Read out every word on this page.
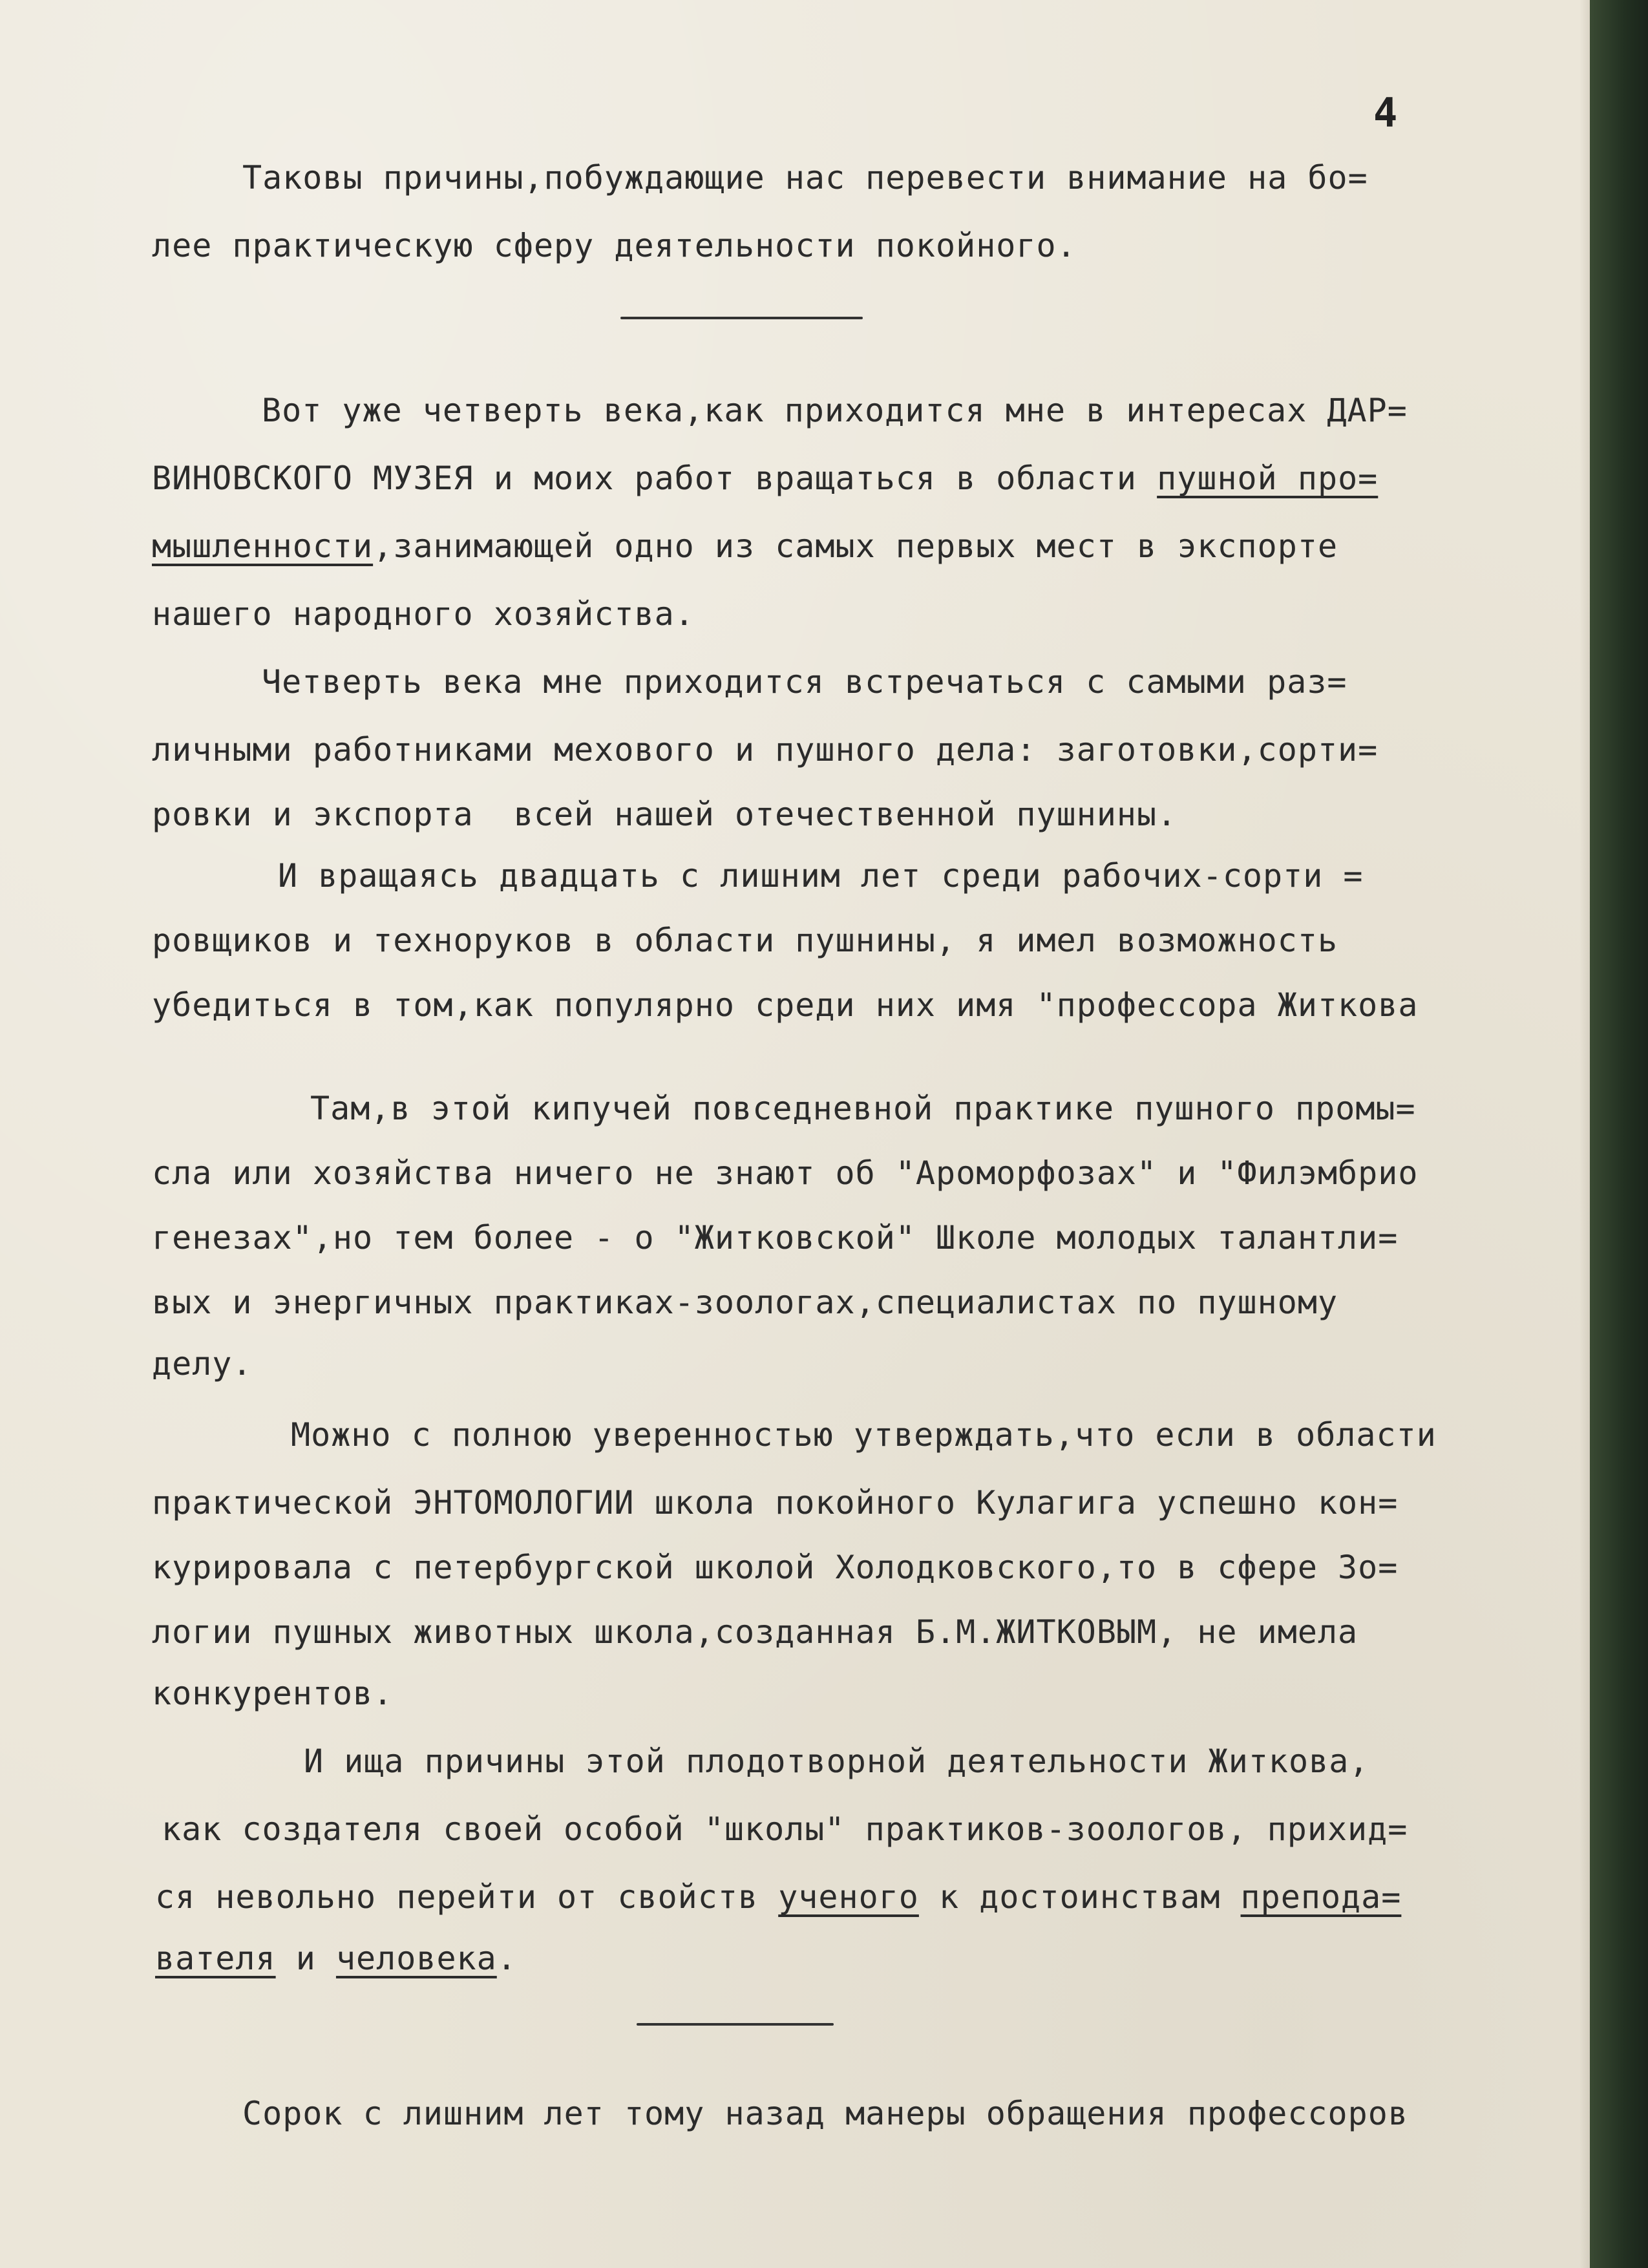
4
Таковы причины,побуждающие нас перевести внимание на бо=
лее практическую сферу деятельности покойного.
Вот уже четверть века,как приходится мне в интересах ДАР=
ВИНОВСКОГО МУЗЕЯ и моих работ вращаться в области пушной про=
мышленности,занимающей одно из самых первых мест в экспорте
нашего народного хозяйства.
Четверть века мне приходится встречаться с самыми раз=
личными работниками мехового и пушного дела: заготовки,сорти=
ровки и экспорта  всей нашей отечественной пушнины.
И вращаясь двадцать с лишним лет среди рабочих-сорти =
ровщиков и технoруков в области пушнины, я имел возможность
убедиться в том,как популярно среди них имя "профессора Житкова
Там,в этой кипучей повседневной практике пушного промы=
сла или хозяйства ничего не знают об "Ароморфозах" и "Филэмбрио
генезах",но тем более - о "Житковской" Школе молодых талантли=
вых и энергичных практиках-зоологах,специалистах по пушному
делу.
Можно с полною уверенностью утверждать,что если в области
практической ЭНТОМОЛОГИИ школа покойного Кулагига успешно кон=
курировала с петербургской школой Холодковского,то в сфере Зо=
логии пушных животных школа,созданная Б.М.ЖИТКОВЫМ, не имела
конкурентов.
И ища причины этой плодотворной деятельности Житкова,
как создателя своей особой "школы" практиков-зоологов, прихид=
ся невольно перейти от свойств ученого к достоинствам препода=
вателя и человека.
Сорок с лишним лет тому назад манеры обращения профессоров
